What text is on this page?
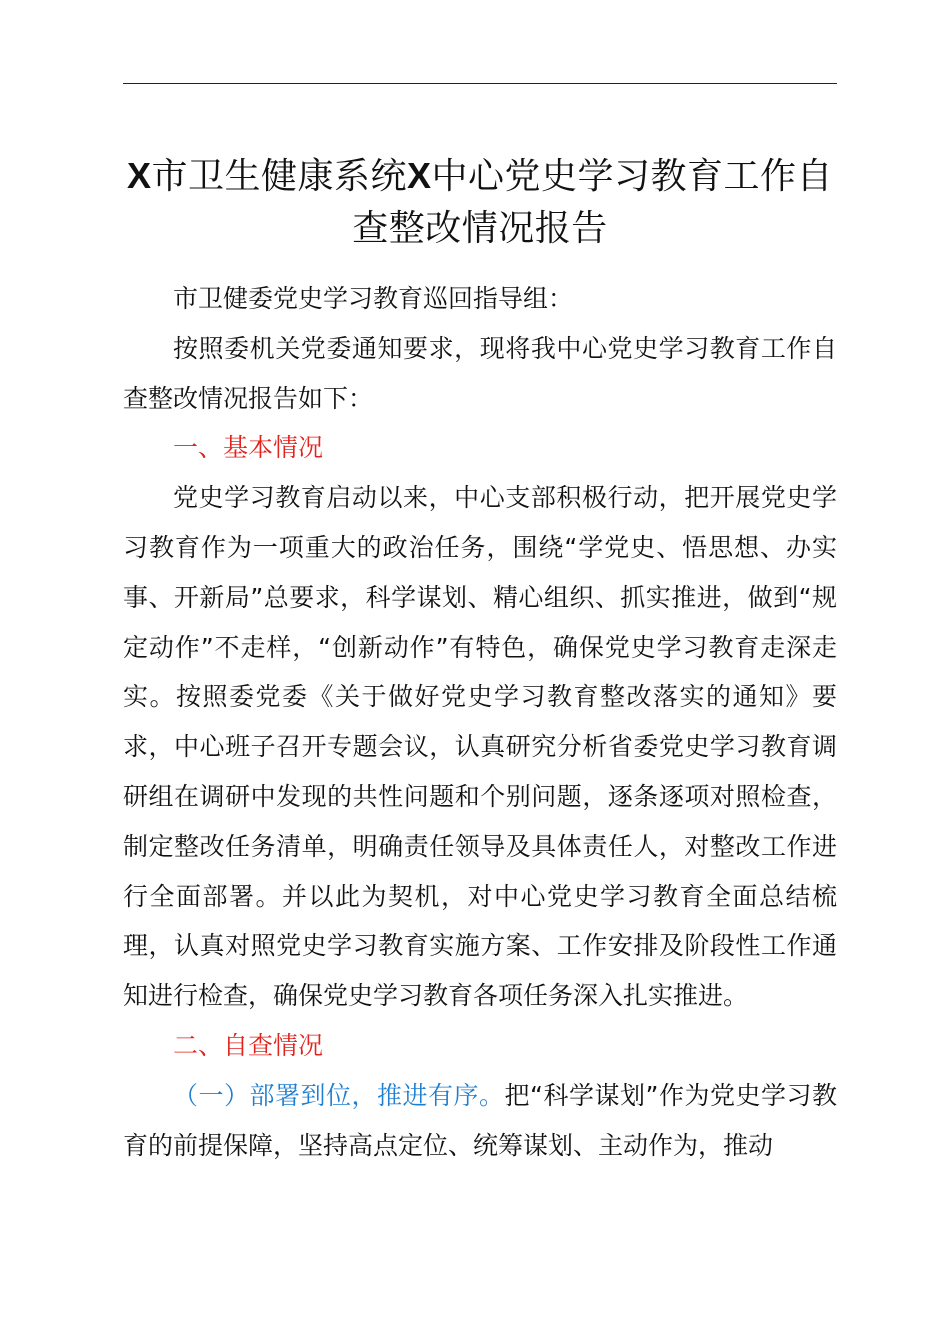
X市卫生健康系统X中心党史学习教育工作自查整改情况报告

市卫健委党史学习教育巡回指导组：

按照委机关党委通知要求，现将我中心党史学习教育工作自查整改情况报告如下：

一、基本情况

党史学习教育启动以来，中心支部积极行动，把开展党史学习教育作为一项重大的政治任务，围绕“学党史、悟思想、办实事、开新局”总要求，科学谋划、精心组织、抓实推进，做到“规定动作”不走样，“创新动作”有特色，确保党史学习教育走深走实。按照委党委《关于做好党史学习教育整改落实的通知》要求，中心班子召开专题会议，认真研究分析省委党史学习教育调研组在调研中发现的共性问题和个别问题，逐条逐项对照检查，制定整改任务清单，明确责任领导及具体责任人，对整改工作进行全面部署。并以此为契机，对中心党史学习教育全面总结梳理，认真对照党史学习教育实施方案、工作安排及阶段性工作通知进行检查，确保党史学习教育各项任务深入扎实推进。

二、自查情况

（一）部署到位，推进有序。把“科学谋划”作为党史学习教育的前提保障，坚持高点定位、统筹谋划、主动作为，推动
